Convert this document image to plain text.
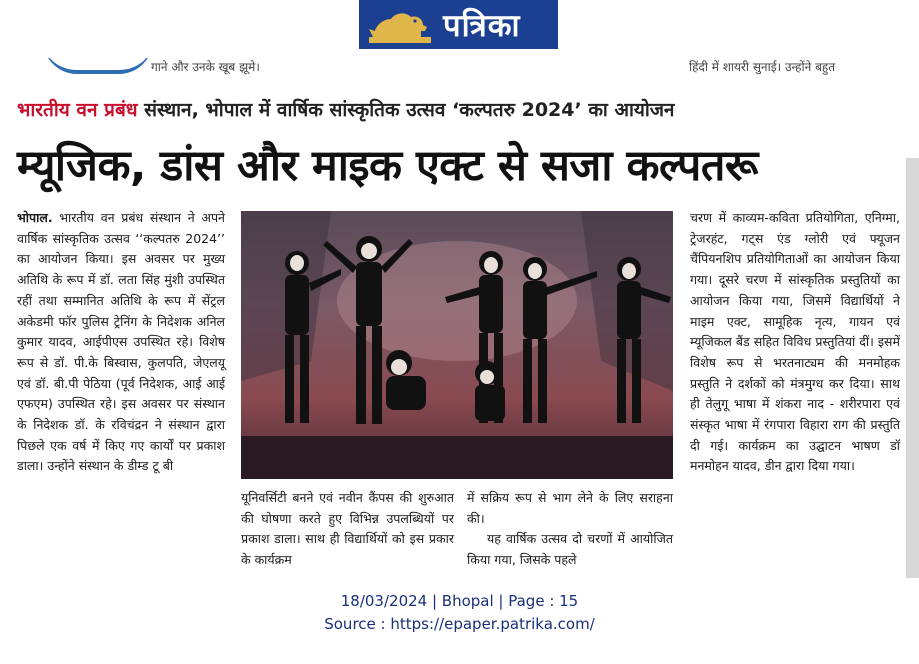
पत्रिका
गाने और उनके खूब झूमे।	हिंदी में शायरी सुनाई। उन्होंने बहुत
भारतीय वन प्रबंध संस्थान, भोपाल में वार्षिक सांस्कृतिक उत्सव ‘कल्पतरु 2024’ का आयोजन
म्यूजिक, डांस और माइक एक्ट से सजा कल्पतरू

भोपाल. भारतीय वन प्रबंध संस्थान ने अपने वार्षिक सांस्कृतिक उत्सव ‘‘कल्पतरु 2024’’ का आयोजन किया। इस अवसर पर मुख्य अतिथि के रूप में डॉ. लता सिंह मुंशी उपस्थित रहीं तथा सम्मानित अतिथि के रूप में सेंट्रल अकेडमी फॉर पुलिस ट्रेनिंग के निदेशक अनिल कुमार यादव, आईपीएस उपस्थित रहे। विशेष रूप से डॉ. पी.के बिस्वास, कुलपति, जेएलयू एवं डॉ. बी.पी पेठिया (पूर्व निदेशक, आई आई एफएम) उपस्थित रहे। इस अवसर पर संस्थान के निदेशक डॉ. के रविचंद्रन ने संस्थान द्वारा पिछले एक वर्ष में किए गए कार्यों पर प्रकाश डाला। उन्होंने संस्थान के डीम्ड टू बी

यूनिवर्सिटी बनने एवं नवीन कैंपस की शुरुआत की घोषणा करते हुए विभिन्न उपलब्धियों पर प्रकाश डाला। साथ ही विद्यार्थियों को इस प्रकार के कार्यक्रम

में सक्रिय रूप से भाग लेने के लिए सराहना की।

यह वार्षिक उत्सव दो चरणों में आयोजित किया गया, जिसके पहले

चरण में काव्यम-कविता प्रतियोगिता, एनिग्मा, ट्रेजरहंट, गट्स एंड ग्लोरी एवं फ्यूजन चैंपियनशिप प्रतियोगिताओं का आयोजन किया गया। दूसरे चरण में सांस्कृतिक प्रस्तुतियों का आयोजन किया गया, जिसमें विद्यार्थियों ने माइम एक्ट, सामूहिक नृत्य, गायन एवं म्यूजिकल बैंड सहित विविध प्रस्तुतियां दीं। इसमें विशेष रूप से भरतनाट्यम की मनमोहक प्रस्तुति ने दर्शकों को मंत्रमुग्ध कर दिया। साथ ही तेलुगू भाषा में शंकरा नाद - शरीरपारा एवं संस्कृत भाषा में रंगपारा विहारा राग की प्रस्तुति दी गई। कार्यक्रम का उद्घाटन भाषण डॉ मनमोहन यादव, डीन द्वारा दिया गया।

18/03/2024 | Bhopal | Page : 15
Source : https://epaper.patrika.com/
